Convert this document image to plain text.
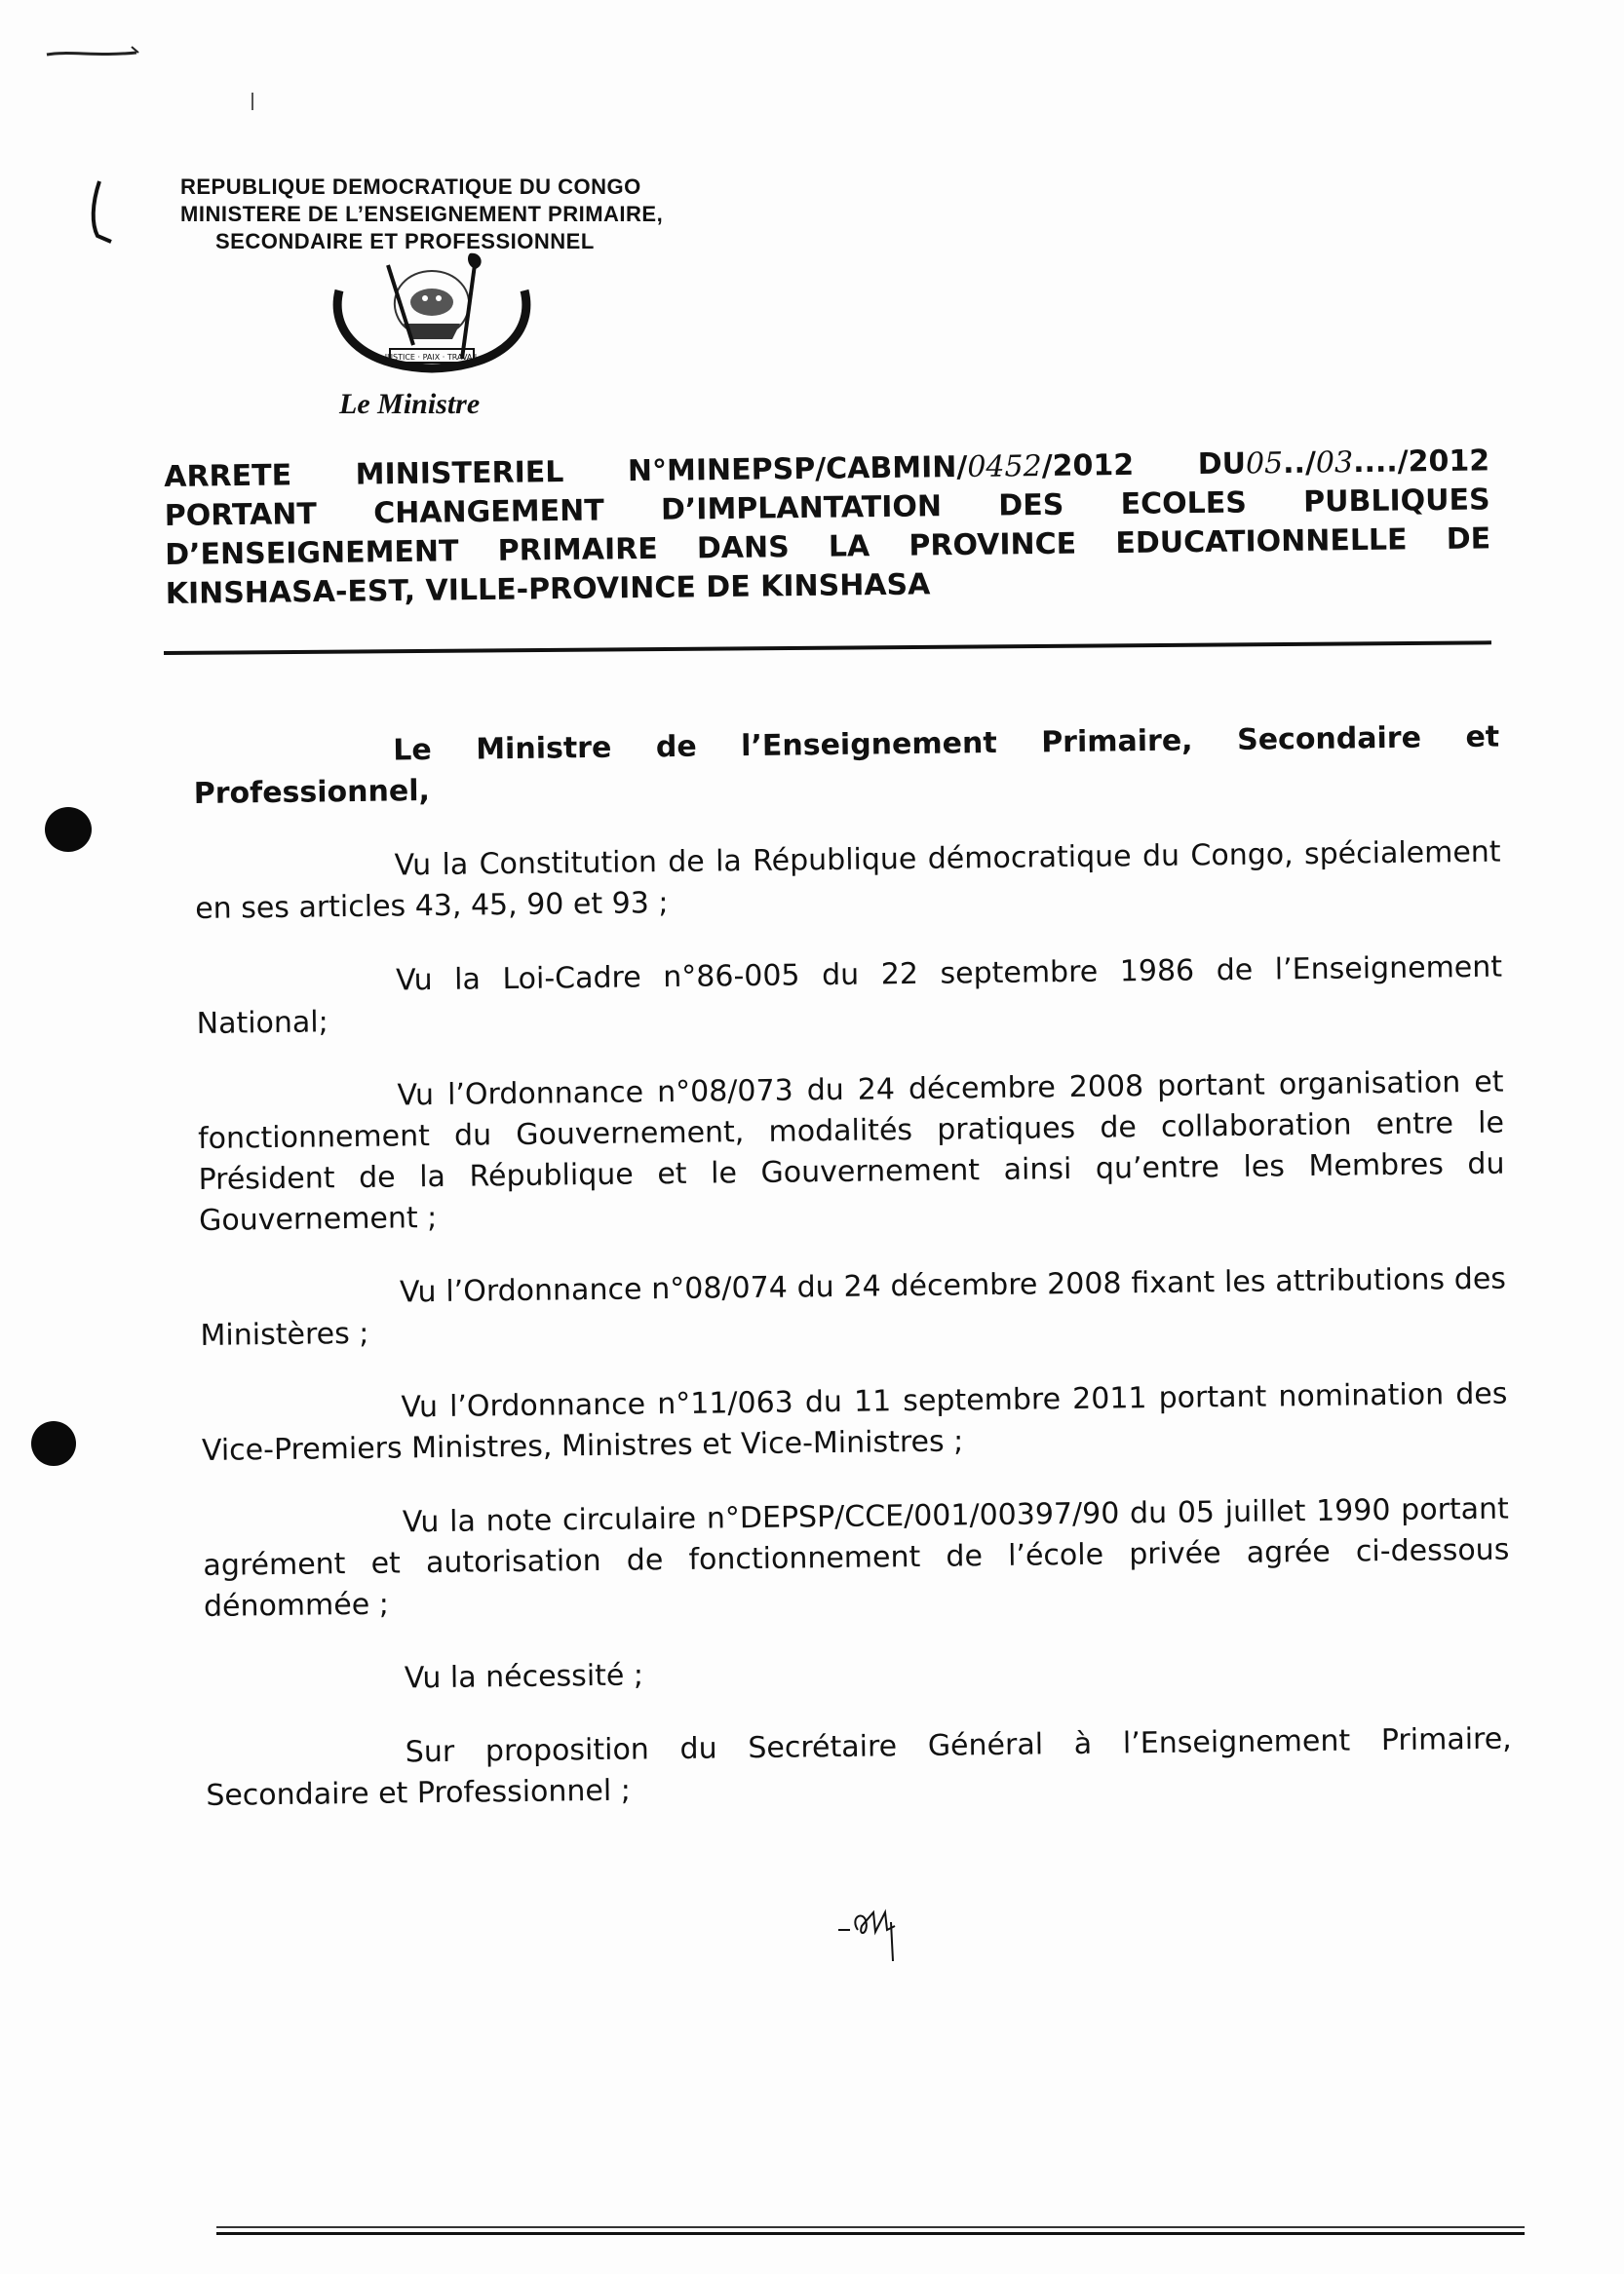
REPUBLIQUE DEMOCRATIQUE DU CONGO
MINISTERE DE L’ENSEIGNEMENT PRIMAIRE,
SECONDAIRE ET PROFESSIONNEL
JUSTICE · PAIX · TRAVAIL
Le Ministre
ARRETE MINISTERIEL N°MINEPSP/CABMIN/0452/2012 DU05../03..../2012
PORTANT CHANGEMENT D’IMPLANTATION DES ECOLES PUBLIQUES D’ENSEIGNEMENT PRIMAIRE DANS LA PROVINCE EDUCATIONNELLE DE
KINSHASA-EST, VILLE-PROVINCE DE KINSHASA
Le Ministre de l’Enseignement Primaire, Secondaire et Professionnel,
Vu la Constitution de la République démocratique du Congo, spécialement en ses articles 43, 45, 90 et 93 ;
Vu la Loi-Cadre n°86-005 du 22 septembre 1986 de l’Enseignement National;
Vu l’Ordonnance n°08/073 du 24 décembre 2008 portant organisation et fonctionnement du Gouvernement, modalités pratiques de collaboration entre le Président de la République et le Gouvernement ainsi qu’entre les Membres du Gouvernement ;
Vu l’Ordonnance n°08/074 du 24 décembre 2008 fixant les attributions des Ministères ;
Vu l’Ordonnance n°11/063 du 11 septembre 2011 portant nomination des Vice-Premiers Ministres, Ministres et Vice-Ministres ;
Vu la note circulaire n°DEPSP/CCE/001/00397/90 du 05 juillet 1990 portant agrément et autorisation de fonctionnement de l’école privée agrée ci-dessous dénommée ;
Vu la nécessité ;
Sur proposition du Secrétaire Général à l’Enseignement Primaire, Secondaire et Professionnel ;
